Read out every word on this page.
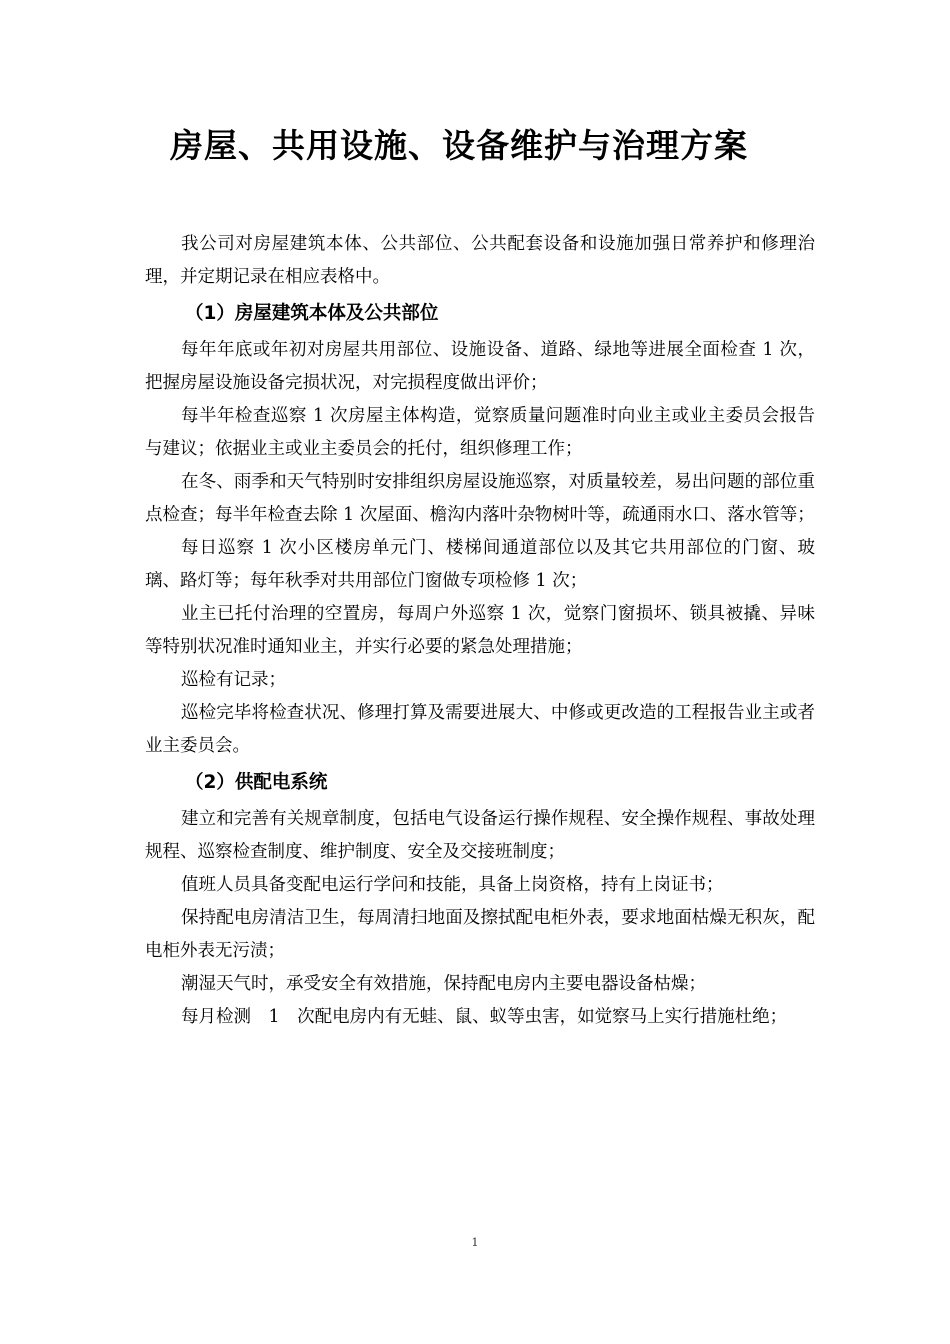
房屋、共用设施、设备维护与治理方案

我公司对房屋建筑本体、公共部位、公共配套设备和设施加强日常养护和修理治理，并定期记录在相应表格中。

（1）房屋建筑本体及公共部位

每年年底或年初对房屋共用部位、设施设备、道路、绿地等进展全面检查 1 次，把握房屋设施设备完损状况，对完损程度做出评价；

每半年检查巡察 1 次房屋主体构造，觉察质量问题准时向业主或业主委员会报告与建议；依据业主或业主委员会的托付，组织修理工作；

在冬、雨季和天气特别时安排组织房屋设施巡察，对质量较差，易出问题的部位重点检查；每半年检查去除 1 次屋面、檐沟内落叶杂物树叶等，疏通雨水口、落水管等；

每日巡察 1 次小区楼房单元门、楼梯间通道部位以及其它共用部位的门窗、玻璃、路灯等；每年秋季对共用部位门窗做专项检修 1 次；

业主已托付治理的空置房，每周户外巡察 1 次，觉察门窗损坏、锁具被撬、异味等特别状况准时通知业主，并实行必要的紧急处理措施；

巡检有记录；

巡检完毕将检查状况、修理打算及需要进展大、中修或更改造的工程报告业主或者业主委员会。

（2）供配电系统

建立和完善有关规章制度，包括电气设备运行操作规程、安全操作规程、事故处理规程、巡察检查制度、维护制度、安全及交接班制度；

值班人员具备变配电运行学问和技能，具备上岗资格，持有上岗证书；

保持配电房清洁卫生，每周清扫地面及擦拭配电柜外表，要求地面枯燥无积灰，配电柜外表无污渍；

潮湿天气时，承受安全有效措施，保持配电房内主要电器设备枯燥；

每月检测　1　次配电房内有无蛙、鼠、蚁等虫害，如觉察马上实行措施杜绝；

1
